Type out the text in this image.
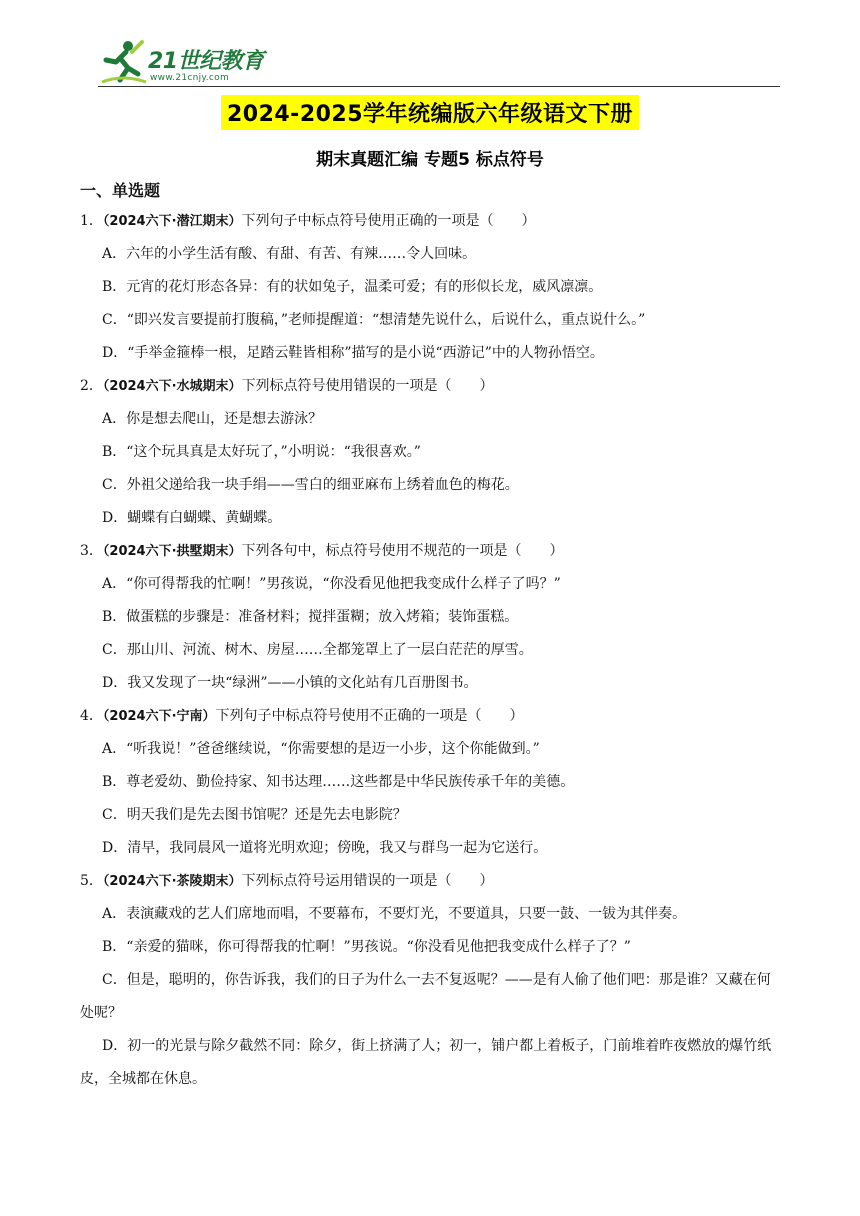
21世纪教育
www.21cnjy.com
2024-2025学年统编版六年级语文下册
期末真题汇编 专题5 标点符号
一、单选题
1．（2024六下·潜江期末）下列句子中标点符号使用正确的一项是（　　）
A．六年的小学生活有酸、有甜、有苦、有辣……令人回味。
B．元宵的花灯形态各异：有的状如兔子，温柔可爱；有的形似长龙，威风凛凛。
C．“即兴发言要提前打腹稿，”老师提醒道：“想清楚先说什么，后说什么，重点说什么。”
D．“手举金箍棒一根，足踏云鞋皆相称”描写的是小说“西游记”中的人物孙悟空。
2．（2024六下·水城期末）下列标点符号使用错误的一项是（　　）
A．你是想去爬山，还是想去游泳？
B．“这个玩具真是太好玩了，”小明说：“我很喜欢。”
C．外祖父递给我一块手绢——雪白的细亚麻布上绣着血色的梅花。
D．蝴蝶有白蝴蝶、黄蝴蝶。
3．（2024六下·拱墅期末）下列各句中，标点符号使用不规范的一项是（　　）
A．“你可得帮我的忙啊！”男孩说，“你没看见他把我变成什么样子了吗？”
B．做蛋糕的步骤是：准备材料；搅拌蛋糊；放入烤箱；装饰蛋糕。
C．那山川、河流、树木、房屋……全都笼罩上了一层白茫茫的厚雪。
D．我又发现了一块“绿洲”——小镇的文化站有几百册图书。
4．（2024六下·宁南）下列句子中标点符号使用不正确的一项是（　　）
A．“听我说！”爸爸继续说，“你需要想的是迈一小步，这个你能做到。”
B．尊老爱幼、勤俭持家、知书达理……这些都是中华民族传承千年的美德。
C．明天我们是先去图书馆呢？还是先去电影院？
D．清早，我同晨风一道将光明欢迎；傍晚，我又与群鸟一起为它送行。
5．（2024六下·茶陵期末）下列标点符号运用错误的一项是（　　）
A．表演藏戏的艺人们席地而唱，不要幕布，不要灯光，不要道具，只要一鼓、一钹为其伴奏。
B．“亲爱的猫咪，你可得帮我的忙啊！”男孩说。“你没看见他把我变成什么样子了？”
C．但是，聪明的，你告诉我，我们的日子为什么一去不复返呢？——是有人偷了他们吧：那是谁？又藏在何处呢？
D．初一的光景与除夕截然不同：除夕，街上挤满了人；初一，铺户都上着板子，门前堆着昨夜燃放的爆竹纸皮，全城都在休息。
